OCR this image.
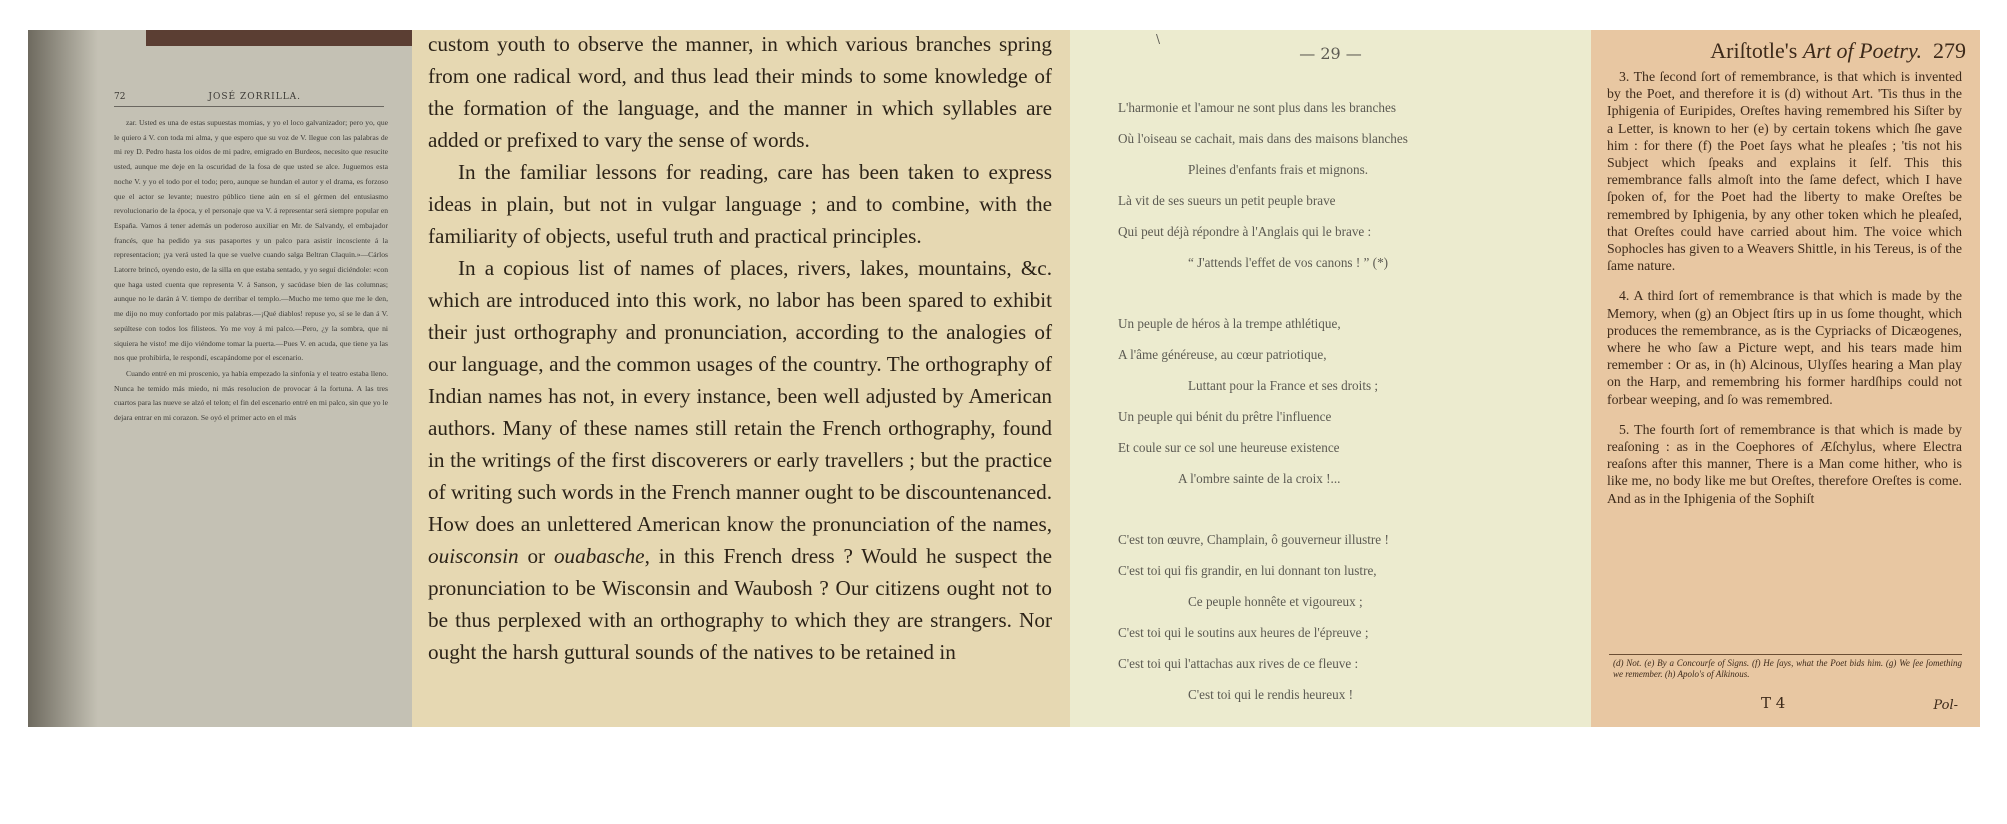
72	JOSÉ ZORRILLA.

zar. Usted es una de estas supuestas momias, y yo el loco galvanizador; pero yo, que le quiero á V. con toda mi alma, y que espero que su voz de V. llegue con las palabras de mi rey D. Pedro hasta los oidos de mi padre, emigrado en Burdeos, necesito que resucite usted, aunque me deje en la oscuridad de la fosa de que usted se alce. Juguemos esta noche V. y yo el todo por el todo; pero, aunque se hundan el autor y el drama, es forzoso que el actor se levante; nuestro público tiene aún en sí el gérmen del entusiasmo revolucionario de la época, y el personaje que va V. á representar será siempre popular en España. Vamos á tener además un poderoso auxiliar en Mr. de Salvandy, el embajador francés, que ha pedido ya sus pasaportes y un palco para asistir incosciente á la representacion; ¡ya verá usted la que se vuelve cuando salga Beltran Claquin.»—Cárlos Latorre brincó, oyendo esto, de la silla en que estaba sentado, y yo seguí diciéndole: «con que haga usted cuenta que representa V. á Sanson, y sacúdase bien de las columnas; aunque no le darán á V. tiempo de derribar el templo.—Mucho me temo que me le den, me dijo no muy confortado por mis palabras.—¡Qué diablos! repuse yo, sí se le dan á V. sepúltese con todos los filisteos. Yo me voy á mi palco.—Pero, ¿y la sombra, que ni siquiera he visto! me dijo viéndome tomar la puerta.—Pues V. en acuda, que tiene ya las nos que prohibirla, le respondí, escapándome por el escenario.

Cuando entré en mi proscenio, ya había empezado la sinfonía y el teatro estaba lleno. Nunca he temido más miedo, ni más resolucion de provocar á la fortuna. A las tres cuartos para las nueve se alzó el telon; el fin del escenario entré en mi palco, sin que yo le dejara entrar en mi corazon. Se oyó el primer acto en el más

custom youth to observe the manner, in which various branches spring from one radical word, and thus lead their minds to some knowledge of the formation of the language, and the manner in which syllables are added or prefixed to vary the sense of words.

In the familiar lessons for reading, care has been taken to express ideas in plain, but not in vulgar language ; and to combine, with the familiarity of objects, useful truth and practical principles.

In a copious list of names of places, rivers, lakes, mountains, &c. which are introduced into this work, no labor has been spared to exhibit their just orthography and pronunciation, according to the analogies of our language, and the common usages of the country. The orthography of Indian names has not, in every instance, been well adjusted by American authors. Many of these names still retain the French orthography, found in the writings of the first discoverers or early travellers ; but the practice of writing such words in the French manner ought to be discountenanced. How does an unlettered American know the pronunciation of the names, ouisconsin or ouabasche, in this French dress ? Would he suspect the pronunciation to be Wisconsin and Waubosh ? Our citizens ought not to be thus perplexed with an orthography to which they are strangers. Nor ought the harsh guttural sounds of the natives to be retained in

\
— 29 —
L'harmonie et l'amour ne sont plus dans les branches
Où l'oiseau se cachait, mais dans des maisons blanches
Pleines d'enfants frais et mignons.
Là vit de ses sueurs un petit peuple brave
Qui peut déjà répondre à l'Anglais qui le brave :
“ J'attends l'effet de vos canons ! ” (*)
Un peuple de héros à la trempe athlétique,
A l'âme généreuse, au cœur patriotique,
Luttant pour la France et ses droits ;
Un peuple qui bénit du prêtre l'influence
Et coule sur ce sol une heureuse existence
A l'ombre sainte de la croix !...
C'est ton œuvre, Champlain, ô gouverneur illustre !
C'est toi qui fis grandir, en lui donnant ton lustre,
Ce peuple honnête et vigoureux ;
C'est toi qui le soutins aux heures de l'épreuve ;
C'est toi qui l'attachas aux rives de ce fleuve :
C'est toi qui le rendis heureux !
Ariſtotle's Art of Poetry. 279

3. The ſecond ſort of remembrance, is that which is invented by the Poet, and therefore it is (d) without Art. 'Tis thus in the Iphigenia of Euripides, Oreſtes having remembred his Siſter by a Letter, is known to her (e) by certain tokens which ſhe gave him : for there (f) the Poet ſays what he pleaſes ; 'tis not his Subject which ſpeaks and explains it ſelf. This this remembrance falls almoſt into the ſame defect, which I have ſpoken of, for the Poet had the liberty to make Oreſtes be remembred by Iphigenia, by any other token which he pleaſed, that Oreſtes could have carried about him. The voice which Sophocles has given to a Weavers Shittle, in his Tereus, is of the ſame nature.

4. A third ſort of remembrance is that which is made by the Memory, when (g) an Object ſtirs up in us ſome thought, which produces the remembrance, as is the Cypriacks of Dicæogenes, where he who ſaw a Picture wept, and his tears made him remember : Or as, in (h) Alcinous, Ulyſſes hearing a Man play on the Harp, and remembring his former hardſhips could not forbear weeping, and ſo was remembred.

5. The fourth ſort of remembrance is that which is made by reaſoning : as in the Coephores of Æſchylus, where Electra reaſons after this manner, There is a Man come hither, who is like me, no body like me but Oreſtes, therefore Oreſtes is come. And as in the Iphigenia of the Sophiſt

(d) Not. (e) By a Concourſe of Signs. (f) He ſays, what the Poet bids him. (g) We ſee ſomething we remember. (h) Apolo's of Alkinous.
T 4	Pol-
